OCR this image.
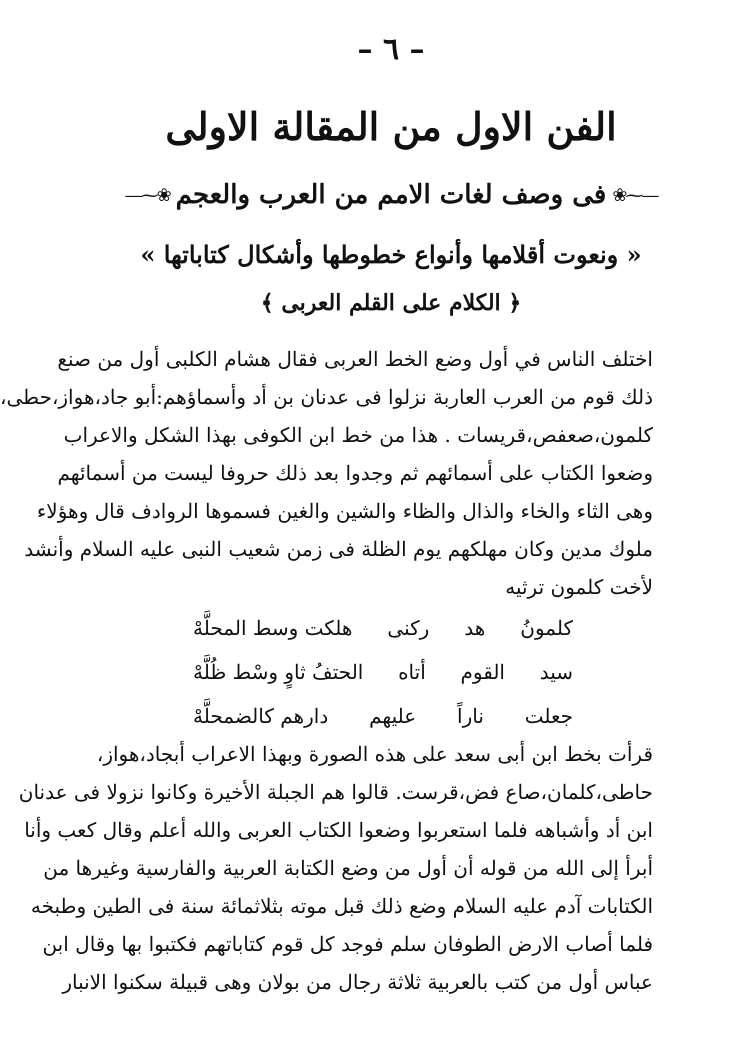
– ٦ –
الفن الاول من المقالة الاولى
—⁓❀
فى وصف لغات الامم من العرب والعجم
❀⁓—
« ونعوت أقلامها وأنواع خطوطها وأشكال كتاباتها »
﴿ الكلام على القلم العربى ﴾
اختلف الناس في أول وضع الخط العربى فقال هشام الكلبى أول من صنع
ذلك قوم من العرب العاربة نزلوا فى عدنان بن أد وأسماؤهم:أبو جاد،هواز،حطى،
كلمون،صعفص،قريسات . هذا من خط ابن الكوفى بهذا الشكل والاعراب
وضعوا الكتاب على أسمائهم ثم وجدوا بعد ذلك حروفا ليست من أسمائهم
وهى الثاء والخاء والذال والظاء والشين والغين فسموها الروادف قال وهؤلاء
ملوك مدين وكان مهلكهم يوم الظلة فى زمن شعيب النبى عليه السلام وأنشد
لأخت كلمون ترثيه
كلمونُ
هد
ركنى
هلكت وسط المحلَّهْ
سيد
القوم
أتاه
الحتفُ ثاوٍ وسْط ظُلَّهْ
جعلت
ناراً
عليهم
دارهم كالضمحلَّهْ
قرأت بخط ابن أبى سعد على هذه الصورة وبهذا الاعراب أبجاد،هواز،
حاطى،كلمان،صاع فض،قرست. قالوا هم الجبلة الأخيرة وكانوا نزولا فى عدنان
ابن أد وأشباهه فلما استعربوا وضعوا الكتاب العربى والله أعلم وقال كعب وأنا
أبرأ إلى الله من قوله أن أول من وضع الكتابة العربية والفارسية وغيرها من
الكتابات آدم عليه السلام وضع ذلك قبل موته بثلاثمائة سنة فى الطين وطبخه
فلما أصاب الارض الطوفان سلم فوجد كل قوم كتاباتهم فكتبوا بها وقال ابن
عباس أول من كتب بالعربية ثلاثة رجال من بولان وهى قبيلة سكنوا الانبار
